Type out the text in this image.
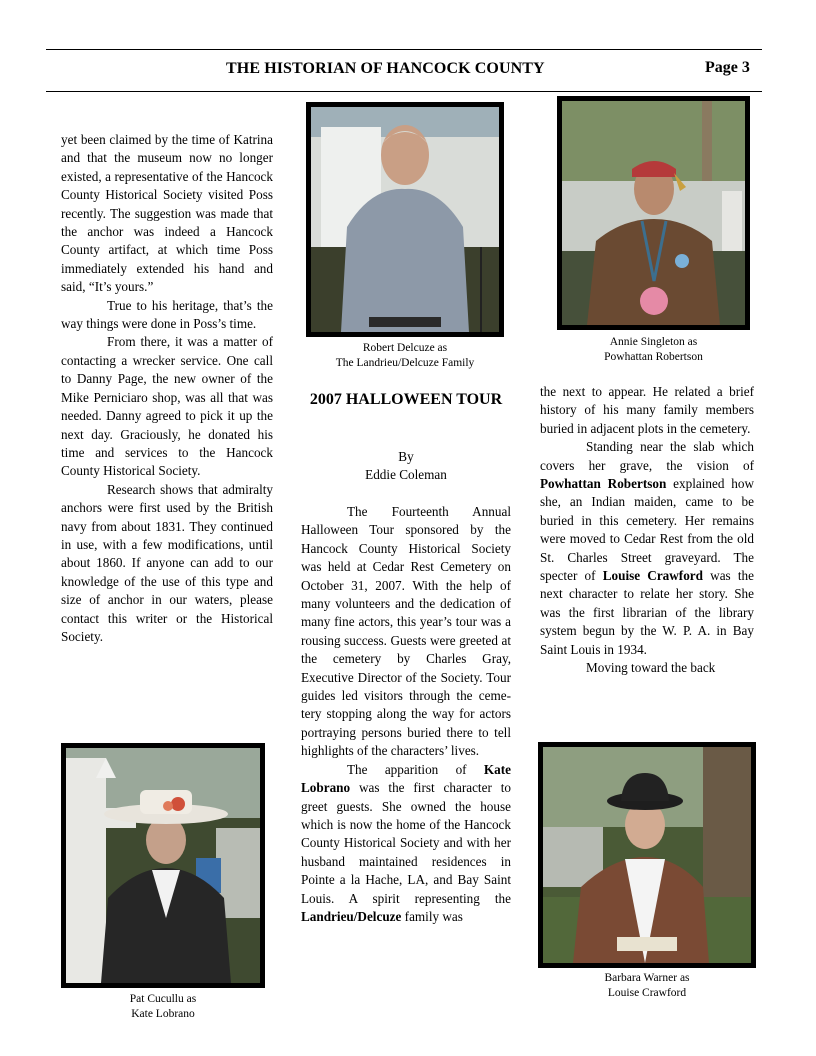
THE HISTORIAN OF HANCOCK COUNTY	Page 3

yet been claimed by the time of Katrina and that the museum now no longer existed, a representative of the Hancock County Historical Society visited Poss recently. The suggestion was made that the anchor was indeed a Hancock County artifact, at which time Poss immediately extended his hand and said, “It’s yours.”

True to his heritage, that’s the way things were done in Poss’s time.

From there, it was a matter of contacting a wrecker service. One call to Danny Page, the new owner of the Mike Perniciaro shop, was all that was needed. Danny agreed to pick it up the next day. Graciously, he donated his time and services to the Hancock County Historical Society.

Research shows that admiralty anchors were first used by the British navy from about 1831. They continued in use, with a few modifications, until about 1860. If anyone can add to our knowledge of the use of this type and size of anchor in our waters, please contact this writer or the Historical Society.

Robert Delcuze as
The Landrieu/Delcuze Family
2007 HALLOWEEN TOUR
By
Eddie Coleman

The Fourteenth Annual Halloween Tour sponsored by the Hancock County Historical Society was held at Cedar Rest Cemetery on October 31, 2007. With the help of many volunteers and the dedication of many fine actors, this year’s tour was a rousing success. Guests were greeted at the cemetery by Charles Gray, Executive Director of the Society. Tour guides led visitors through the cemetery stopping along the way for actors portraying persons buried there to tell highlights of the characters’ lives.

The apparition of Kate Lobrano was the first character to greet guests. She owned the house which is now the home of the Hancock County Historical Society and with her husband maintained residences in Pointe a la Hache, LA, and Bay Saint Louis. A spirit representing the Landrieu/Delcuze family was

Annie Singleton as
Powhattan Robertson

the next to appear. He related a brief history of his many family members buried in adjacent plots in the cemetery.

Standing near the slab which covers her grave, the vision of Powhattan Robertson explained how she, an Indian maiden, came to be buried in this cemetery. Her remains were moved to Cedar Rest from the old St. Charles Street graveyard. The specter of Louise Crawford was the next character to relate her story. She was the first librarian of the library system begun by the W. P. A. in Bay Saint Louis in 1934.

Moving toward the back

Pat Cucullu as
Kate Lobrano
Barbara Warner as
Louise Crawford
